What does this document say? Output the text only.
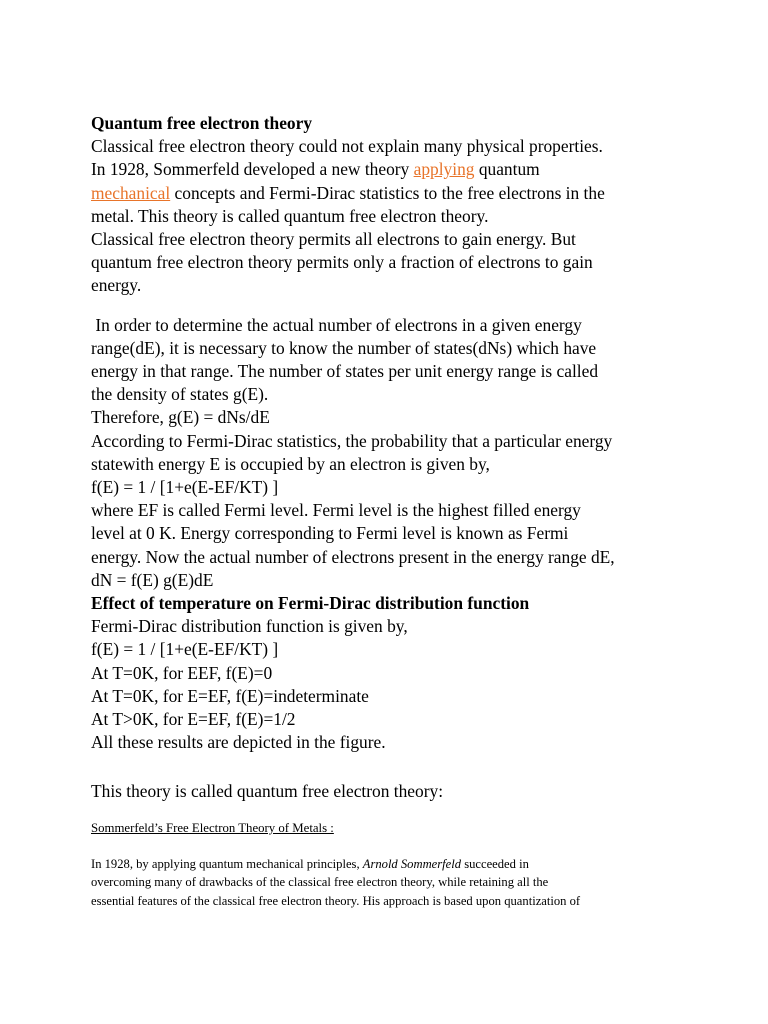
Quantum free electron theory
Classical free electron theory could not explain many physical properties.
In 1928, Sommerfeld developed a new theory applying quantum
mechanical concepts and Fermi-Dirac statistics to the free electrons in the
metal. This theory is called quantum free electron theory.
Classical free electron theory permits all electrons to gain energy. But
quantum free electron theory permits only a fraction of electrons to gain
energy.
In order to determine the actual number of electrons in a given energy
range(dE), it is necessary to know the number of states(dNs) which have
energy in that range. The number of states per unit energy range is called
the density of states g(E).
Therefore, g(E) = dNs/dE
According to Fermi-Dirac statistics, the probability that a particular energy
statewith energy E is occupied by an electron is given by,
f(E) = 1 / [1+e(E-EF/KT) ]
where EF is called Fermi level. Fermi level is the highest filled energy
level at 0 K. Energy corresponding to Fermi level is known as Fermi
energy. Now the actual number of electrons present in the energy range dE,
dN = f(E) g(E)dE
Effect of temperature on Fermi-Dirac distribution function
Fermi-Dirac distribution function is given by,
f(E) = 1 / [1+e(E-EF/KT) ]
At T=0K, for EEF, f(E)=0
At T=0K, for E=EF, f(E)=indeterminate
At T>0K, for E=EF, f(E)=1/2
All these results are depicted in the figure.
This theory is called quantum free electron theory:
Sommerfeld’s Free Electron Theory of Metals :
In 1928, by applying quantum mechanical principles, Arnold Sommerfeld succeeded in
overcoming many of drawbacks of the classical free electron theory, while retaining all the
essential features of the classical free electron theory. His approach is based upon quantization of
